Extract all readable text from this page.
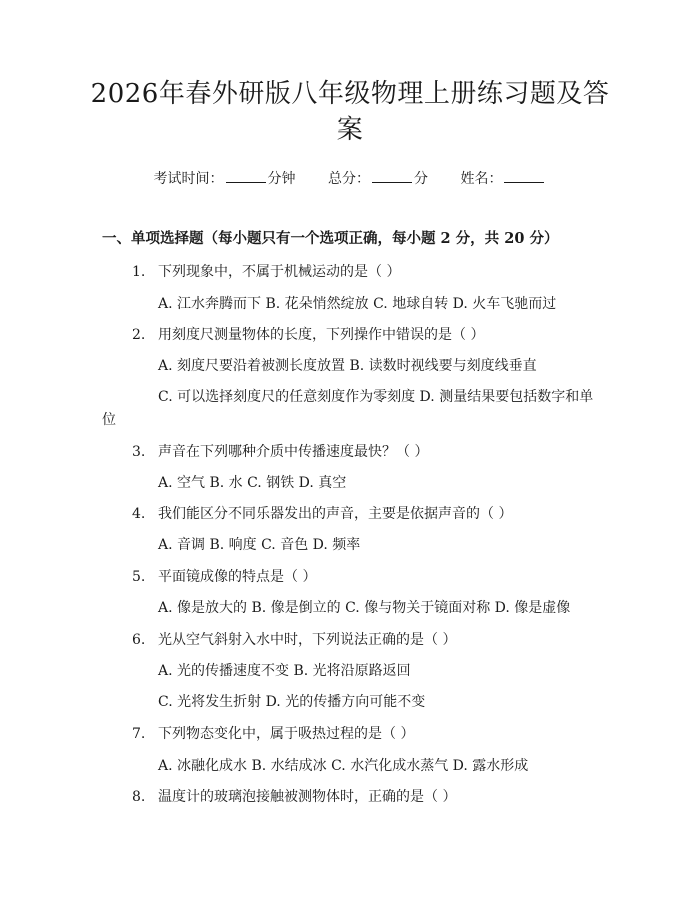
2026年春外研版八年级物理上册练习题及答案
考试时间：	分钟 总分：	分 姓名：
一、单项选择题（每小题只有一个选项正确，每小题 2 分，共 20 分）
1. 下列现象中，不属于机械运动的是（ ）
A. 江水奔腾而下 B. 花朵悄然绽放 C. 地球自转 D. 火车飞驰而过
2. 用刻度尺测量物体的长度，下列操作中错误的是（ ）
A. 刻度尺要沿着被测长度放置 B. 读数时视线要与刻度线垂直
C. 可以选择刻度尺的任意刻度作为零刻度 D. 测量结果要包括数字和单
位
3. 声音在下列哪种介质中传播速度最快？（ ）
A. 空气 B. 水 C. 钢铁 D. 真空
4. 我们能区分不同乐器发出的声音，主要是依据声音的（ ）
A. 音调 B. 响度 C. 音色 D. 频率
5. 平面镜成像的特点是（ ）
A. 像是放大的 B. 像是倒立的 C. 像与物关于镜面对称 D. 像是虚像
6. 光从空气斜射入水中时，下列说法正确的是（ ）
A. 光的传播速度不变 B. 光将沿原路返回
C. 光将发生折射 D. 光的传播方向可能不变
7. 下列物态变化中，属于吸热过程的是（ ）
A. 冰融化成水 B. 水结成冰 C. 水汽化成水蒸气 D. 露水形成
8. 温度计的玻璃泡接触被测物体时，正确的是（ ）
